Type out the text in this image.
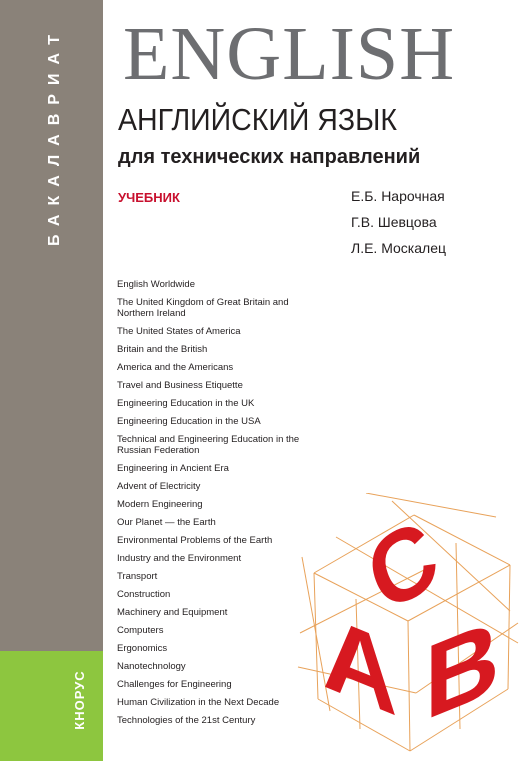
БАКАЛАВРИАТ
КНОРУС
ENGLISH
АНГЛИЙСКИЙ ЯЗЫК
для технических направлений
УЧЕБНИК	Е.Б. Нарочная
Г.В. Шевцова
Л.Е. Москалец
English Worldwide
The United Kingdom of Great Britain and Northern Ireland
The United States of America
Britain and the British
America and the Americans
Travel and Business Etiquette
Engineering Education in the UK
Engineering Education in the USA
Technical and Engineering Education in the Russian Federation
Engineering in Ancient Era
Advent of Electricity
Modern Engineering
Our Planet — the Earth
Environmental Problems of the Earth
Industry and the Environment
Transport
Construction
Machinery and Equipment
Computers
Ergonomics
Nanotechnology
Challenges for Engineering
Human Civilization in the Next Decade
Technologies of the 21st Century
C
A B
